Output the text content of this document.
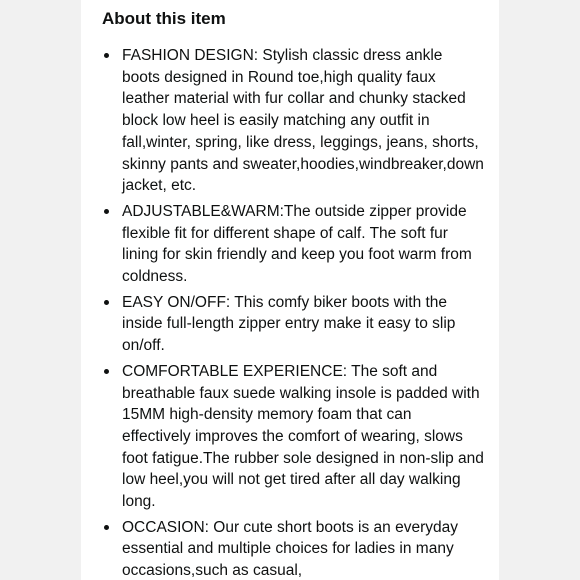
About this item
FASHION DESIGN: Stylish classic dress ankle boots designed in Round toe,high quality faux leather material with fur collar and chunky stacked block low heel is easily matching any outfit in fall,winter, spring, like dress, leggings, jeans, shorts, skinny pants and sweater,hoodies,windbreaker,down jacket, etc.
ADJUSTABLE&WARM:The outside zipper provide flexible fit for different shape of calf. The soft fur lining for skin friendly and keep you foot warm from coldness.
EASY ON/OFF: This comfy biker boots with the inside full-length zipper entry make it easy to slip on/off.
COMFORTABLE EXPERIENCE: The soft and breathable faux suede walking insole is padded with 15MM high-density memory foam that can effectively improves the comfort of wearing, slows foot fatigue.The rubber sole designed in non-slip and low heel,you will not get tired after all day walking long.
OCCASION: Our cute short boots is an everyday essential and multiple choices for ladies in many occasions,such as casual,
